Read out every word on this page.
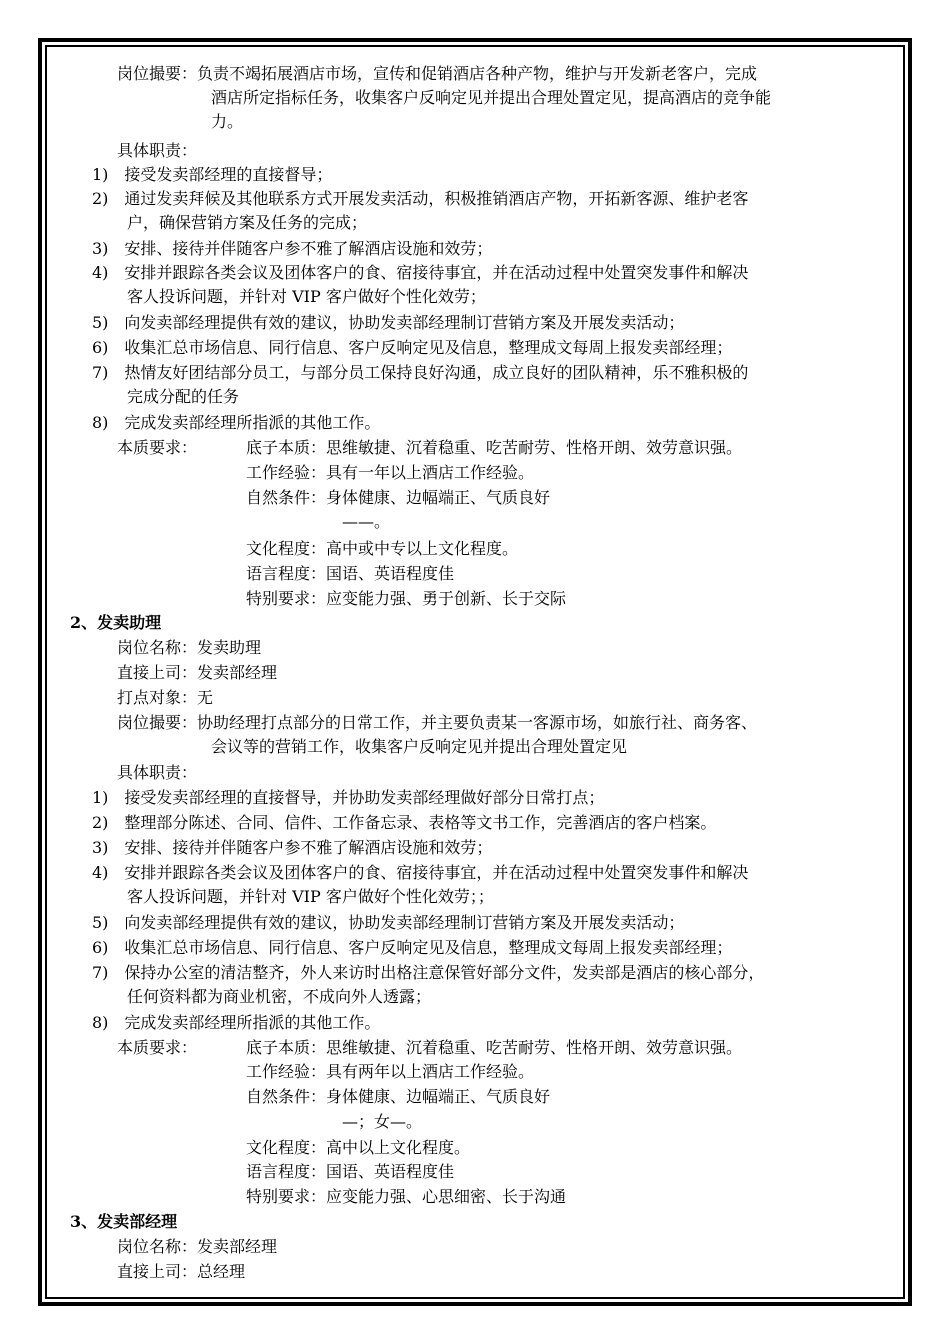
岗位撮要：负责不竭拓展酒店市场，宣传和促销酒店各种产物，维护与开发新老客户，完成
酒店所定指标任务，收集客户反响定见并提出合理处置定见，提高酒店的竞争能
力。
具体职责：
1)　接受发卖部经理的直接督导；
2)　通过发卖拜候及其他联系方式开展发卖活动，积极推销酒店产物，开拓新客源、维护老客
户，确保营销方案及任务的完成；
3)　安排、接待并伴随客户参不雅了解酒店设施和效劳；
4)　安排并跟踪各类会议及团体客户的食、宿接待事宜，并在活动过程中处置突发事件和解决
客人投诉问题，并针对 VIP 客户做好个性化效劳；
5)　向发卖部经理提供有效的建议，协助发卖部经理制订营销方案及开展发卖活动；
6)　收集汇总市场信息、同行信息、客户反响定见及信息，整理成文每周上报发卖部经理；
7)　热情友好团结部分员工，与部分员工保持良好沟通，成立良好的团队精神，乐不雅积极的
完成分配的任务
8)　完成发卖部经理所指派的其他工作。
本质要求：	底子本质：思维敏捷、沉着稳重、吃苦耐劳、性格开朗、效劳意识强。
工作经验：具有一年以上酒店工作经验。
自然条件：身体健康、边幅端正、气质良好
——。
文化程度：高中或中专以上文化程度。
语言程度：国语、英语程度佳
特别要求：应变能力强、勇于创新、长于交际
2、发卖助理
岗位名称：发卖助理
直接上司：发卖部经理
打点对象：无
岗位撮要：协助经理打点部分的日常工作，并主要负责某一客源市场，如旅行社、商务客、
会议等的营销工作，收集客户反响定见并提出合理处置定见
具体职责：
1)　接受发卖部经理的直接督导，并协助发卖部经理做好部分日常打点；
2)　整理部分陈述、合同、信件、工作备忘录、表格等文书工作，完善酒店的客户档案。
3)　安排、接待并伴随客户参不雅了解酒店设施和效劳；
4)　安排并跟踪各类会议及团体客户的食、宿接待事宜，并在活动过程中处置突发事件和解决
客人投诉问题，并针对 VIP 客户做好个性化效劳；；
5)　向发卖部经理提供有效的建议，协助发卖部经理制订营销方案及开展发卖活动；
6)　收集汇总市场信息、同行信息、客户反响定见及信息，整理成文每周上报发卖部经理；
7)　保持办公室的清洁整齐，外人来访时出格注意保管好部分文件，发卖部是酒店的核心部分，
任何资料都为商业机密，不成向外人透露；
8)　完成发卖部经理所指派的其他工作。
本质要求：	底子本质：思维敏捷、沉着稳重、吃苦耐劳、性格开朗、效劳意识强。
工作经验：具有两年以上酒店工作经验。
自然条件：身体健康、边幅端正、气质良好
—；女—。
文化程度：高中以上文化程度。
语言程度：国语、英语程度佳
特别要求：应变能力强、心思细密、长于沟通
3、发卖部经理
岗位名称：发卖部经理
直接上司：总经理
